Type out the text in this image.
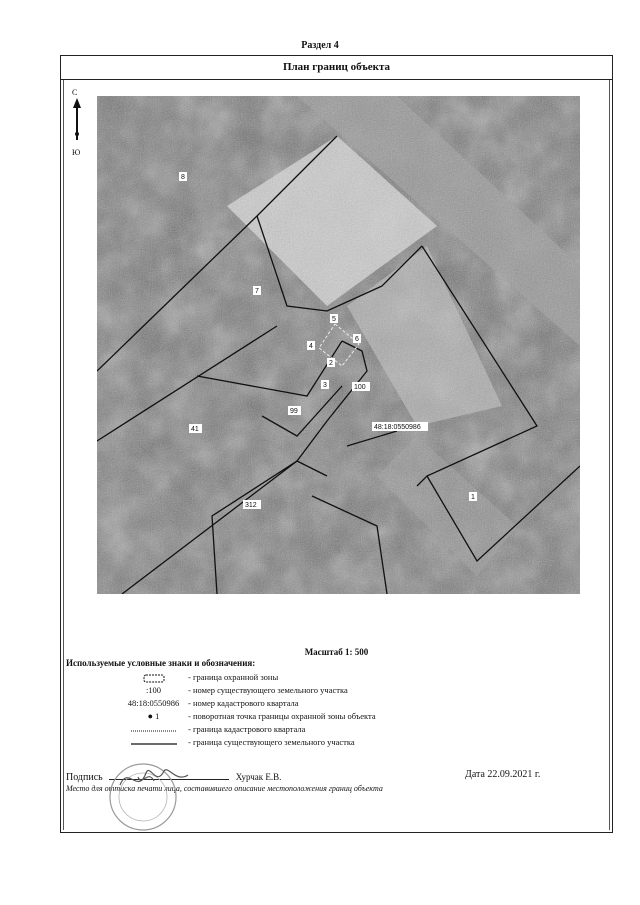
Раздел 4
План границ объекта
С
Ю
8
7
5
4
6
2
3	100
99
41	48:18:0550986
312
1
Масштаб 1: 500
Используемые условные знаки и обозначения:
- граница охранной зоны
:100	- номер существующего земельного участка
48:18:0550986	- номер кадастрового квартала
● 1	- поворотная точка границы охранной зоны объекта
- граница кадастрового квартала
- граница существующего земельного участка
Подпись	Хурчак Е.В.	Дата 22.09.2021 г.
Место для оттиска печати лица, составившего описание местоположения границ объекта
